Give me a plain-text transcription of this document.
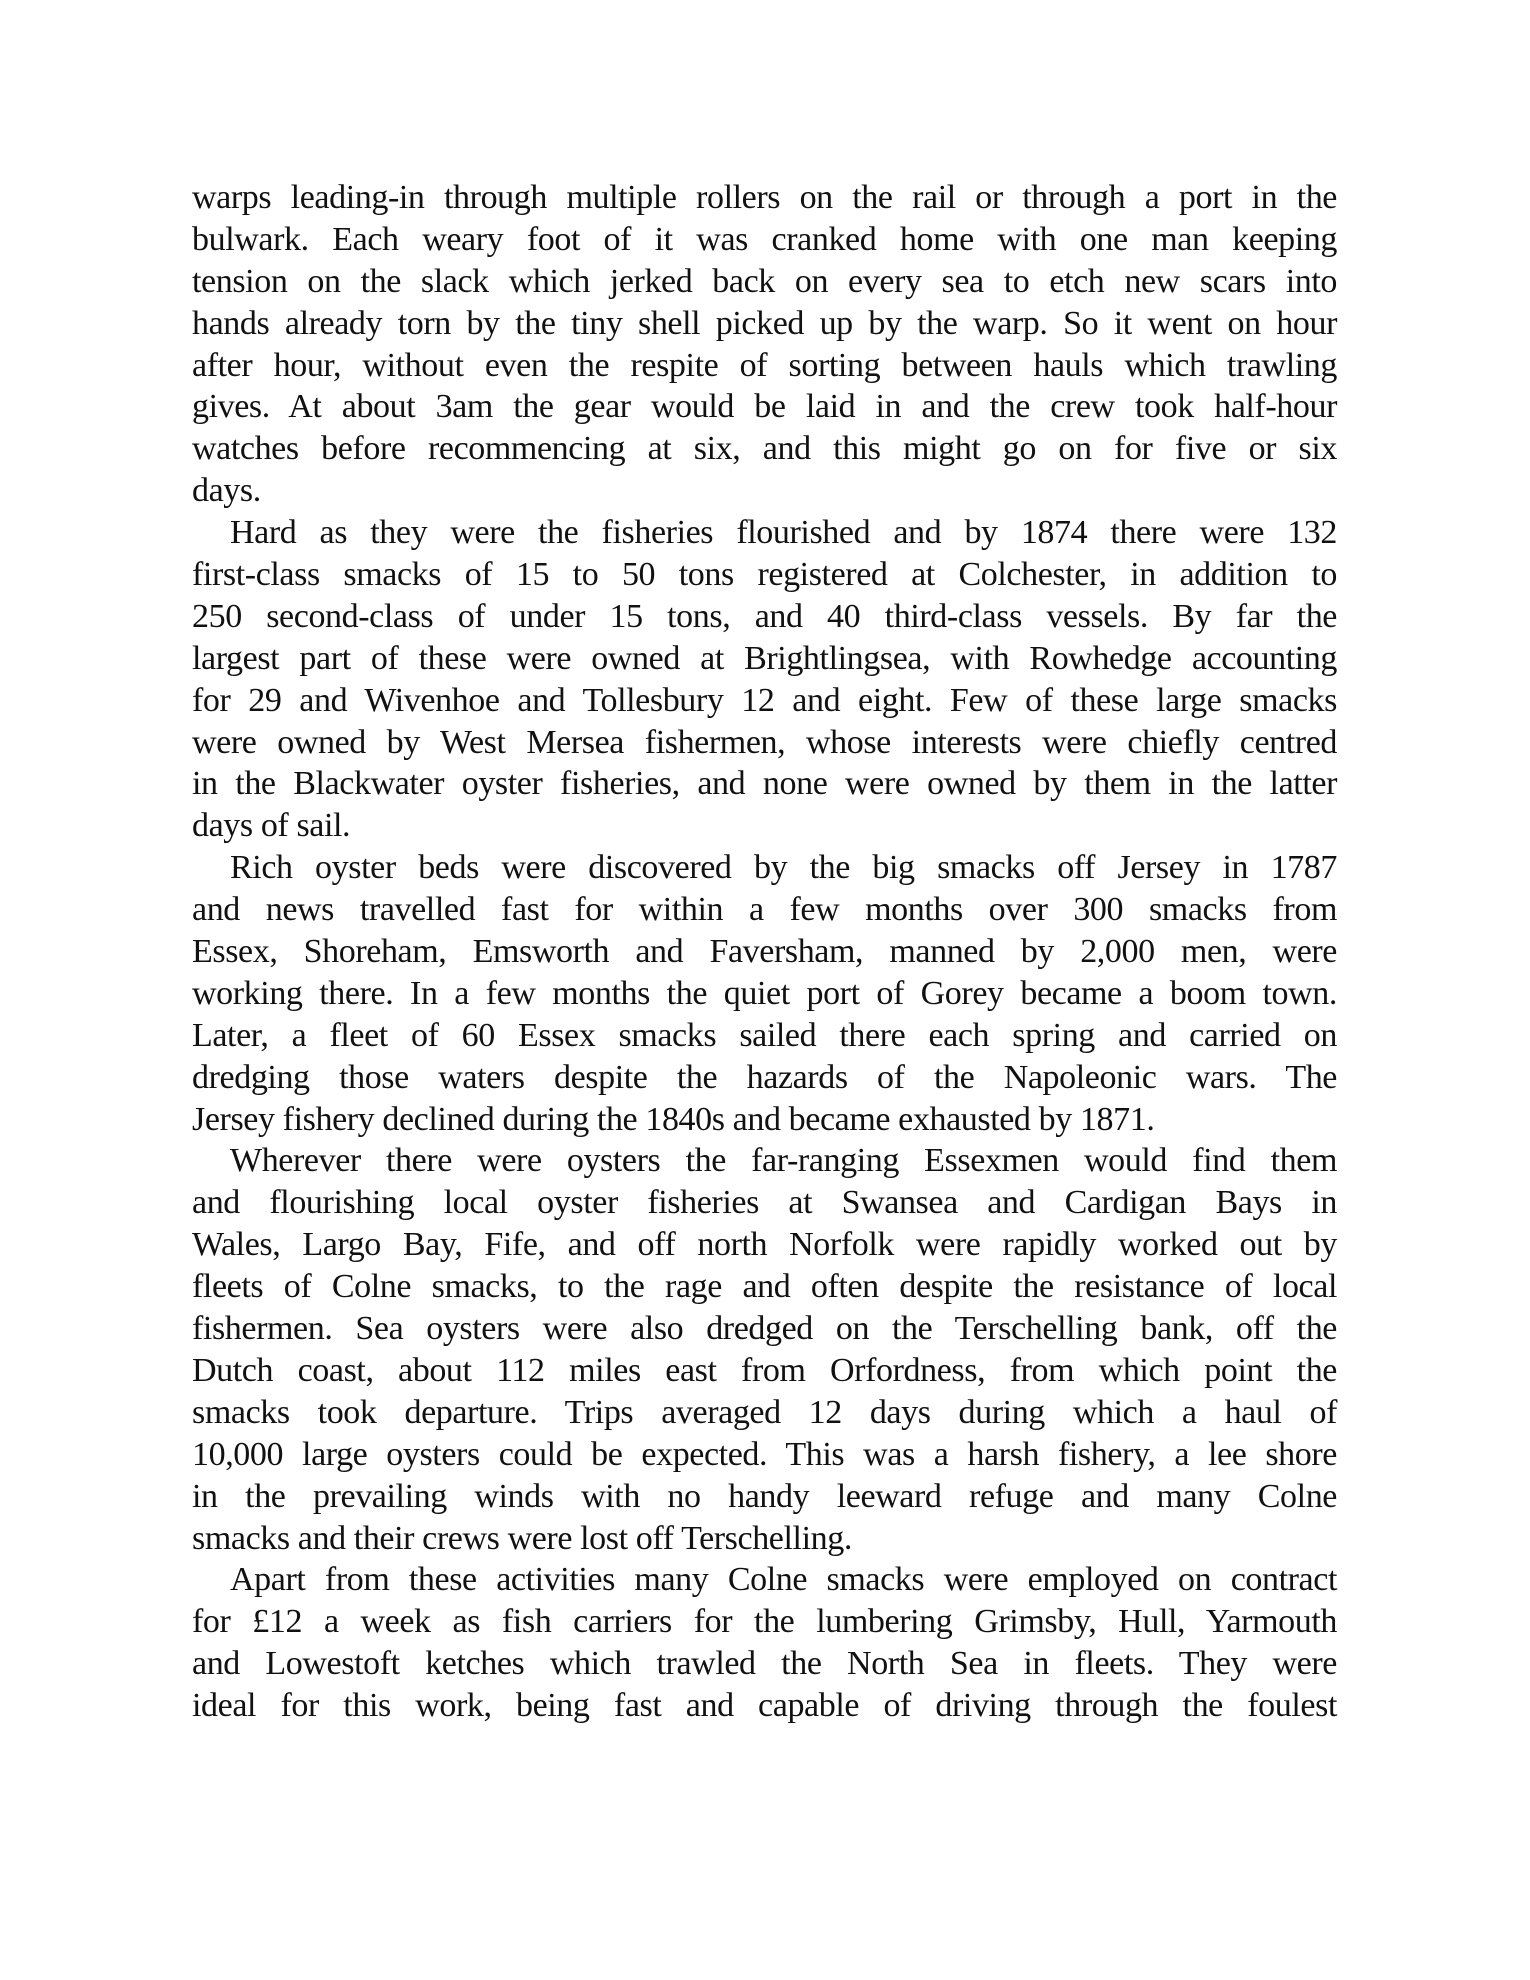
warps leading-in through multiple rollers on the rail or through a port in the
bulwark. Each weary foot of it was cranked home with one man keeping
tension on the slack which jerked back on every sea to etch new scars into
hands already torn by the tiny shell picked up by the warp. So it went on hour
after hour, without even the respite of sorting between hauls which trawling
gives. At about 3am the gear would be laid in and the crew took half-hour
watches before recommencing at six, and this might go on for five or six
days.
Hard as they were the fisheries flourished and by 1874 there were 132
first-class smacks of 15 to 50 tons registered at Colchester, in addition to
250 second-class of under 15 tons, and 40 third-class vessels. By far the
largest part of these were owned at Brightlingsea, with Rowhedge accounting
for 29 and Wivenhoe and Tollesbury 12 and eight. Few of these large smacks
were owned by West Mersea fishermen, whose interests were chiefly centred
in the Blackwater oyster fisheries, and none were owned by them in the latter
days of sail.
Rich oyster beds were discovered by the big smacks off Jersey in 1787
and news travelled fast for within a few months over 300 smacks from
Essex, Shoreham, Emsworth and Faversham, manned by 2,000 men, were
working there. In a few months the quiet port of Gorey became a boom town.
Later, a fleet of 60 Essex smacks sailed there each spring and carried on
dredging those waters despite the hazards of the Napoleonic wars. The
Jersey fishery declined during the 1840s and became exhausted by 1871.
Wherever there were oysters the far-ranging Essexmen would find them
and flourishing local oyster fisheries at Swansea and Cardigan Bays in
Wales, Largo Bay, Fife, and off north Norfolk were rapidly worked out by
fleets of Colne smacks, to the rage and often despite the resistance of local
fishermen. Sea oysters were also dredged on the Terschelling bank, off the
Dutch coast, about 112 miles east from Orfordness, from which point the
smacks took departure. Trips averaged 12 days during which a haul of
10,000 large oysters could be expected. This was a harsh fishery, a lee shore
in the prevailing winds with no handy leeward refuge and many Colne
smacks and their crews were lost off Terschelling.
Apart from these activities many Colne smacks were employed on contract
for £12 a week as fish carriers for the lumbering Grimsby, Hull, Yarmouth
and Lowestoft ketches which trawled the North Sea in fleets. They were
ideal for this work, being fast and capable of driving through the foulest
